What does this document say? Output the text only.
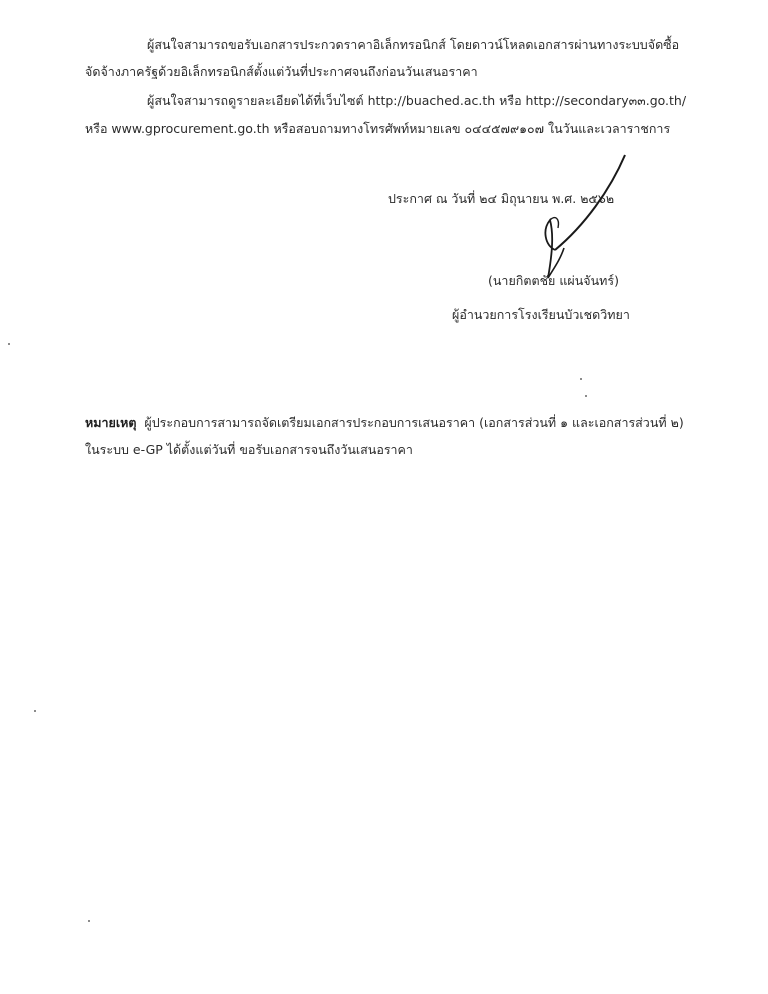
ผู้สนใจสามารถขอรับเอกสารประกวดราคาอิเล็กทรอนิกส์ โดยดาวน์โหลดเอกสารผ่านทางระบบจัดซื้อ
จัดจ้างภาครัฐด้วยอิเล็กทรอนิกส์ตั้งแต่วันที่ประกาศจนถึงก่อนวันเสนอราคา
ผู้สนใจสามารถดูรายละเอียดได้ที่เว็บไซต์ http://buached.ac.th หรือ http://secondary๓๓.go.th/
หรือ www.gprocurement.go.th หรือสอบถามทางโทรศัพท์หมายเลข ๐๔๔๕๗๙๑๐๗ ในวันและเวลาราชการ
ประกาศ ณ วันที่ ๒๔ มิถุนายน พ.ศ. ๒๕๖๒
(นายกิตตชัย แผ่นจันทร์)
ผู้อำนวยการโรงเรียนบัวเชดวิทยา
หมายเหตุ ผู้ประกอบการสามารถจัดเตรียมเอกสารประกอบการเสนอราคา (เอกสารส่วนที่ ๑ และเอกสารส่วนที่ ๒)
ในระบบ e-GP ได้ตั้งแต่วันที่ ขอรับเอกสารจนถึงวันเสนอราคา
